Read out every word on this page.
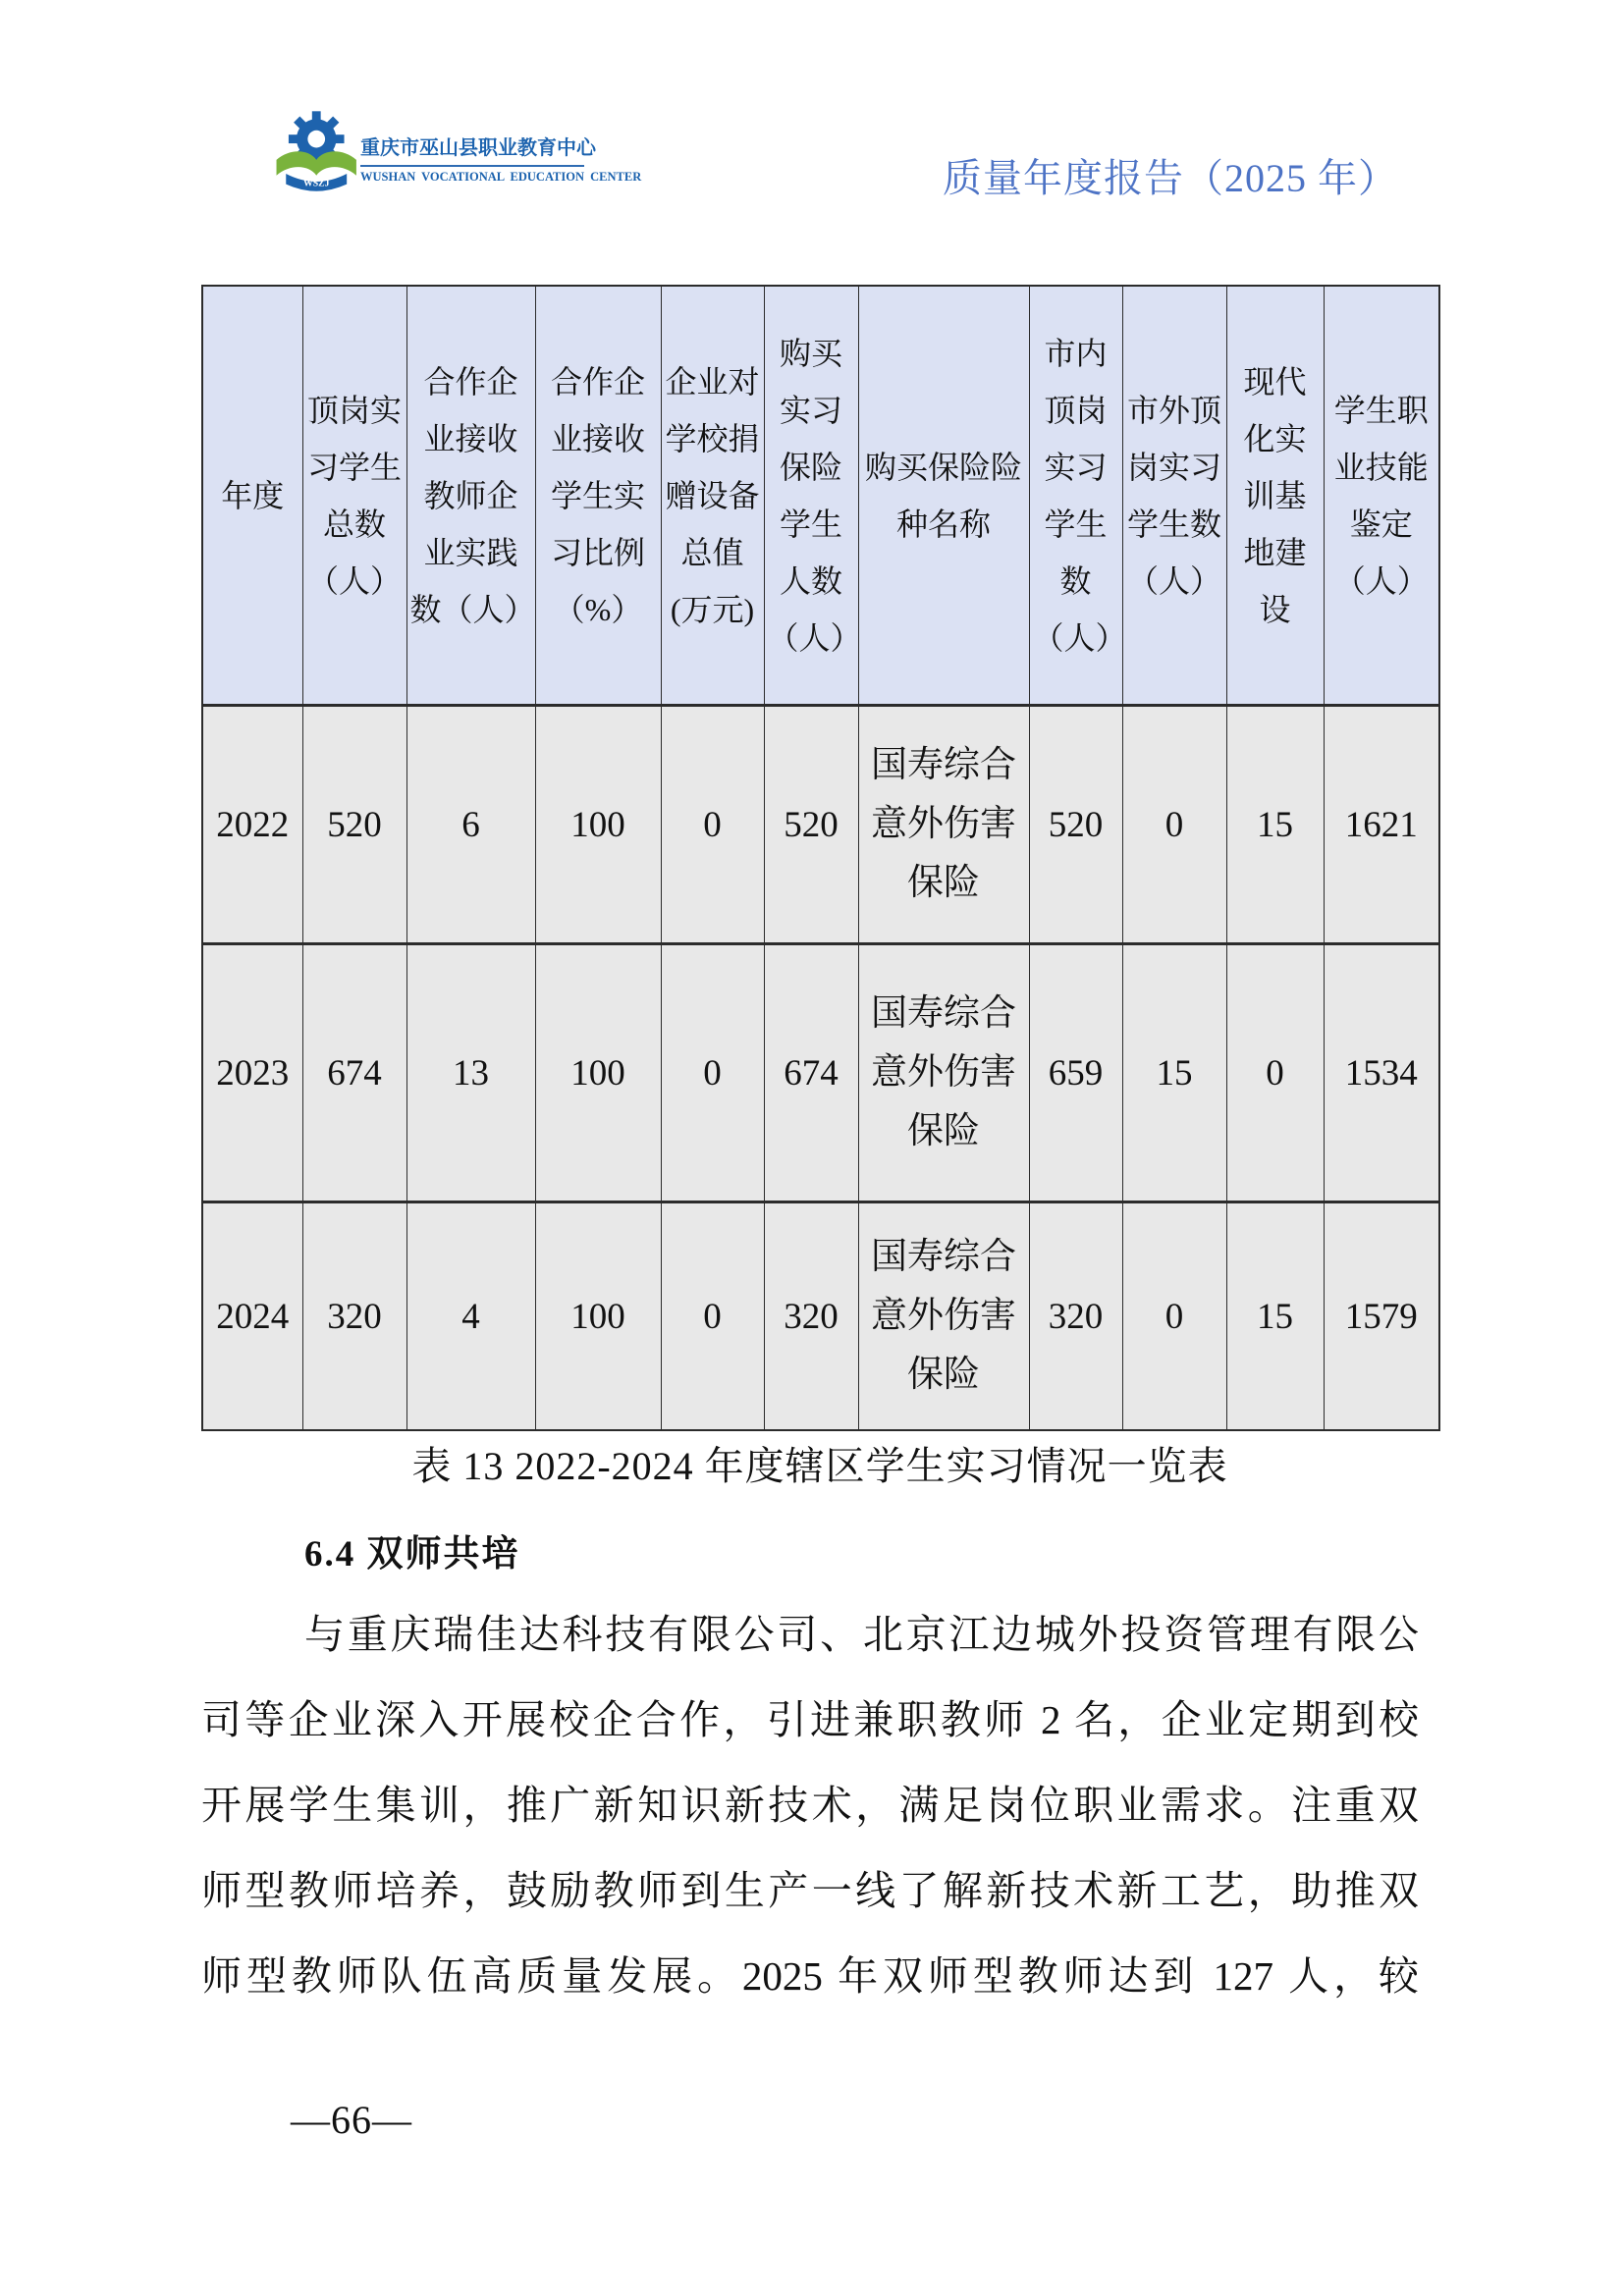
WSZJ
重庆市巫山县职业教育中心
WUSHAN VOCATIONAL EDUCATION CENTER	质量年度报告（2025 年）
年度	顶岗实习学生总数（人）	合作企业接收教师企业实践数（人）	合作企业接收学生实习比例（%）	企业对学校捐赠设备总值(万元)	购买实习保险学生人数（人）	购买保险险种名称	市内顶岗实习学生数（人）	市外顶岗实习学生数（人）	现代化实训基地建设	学生职业技能鉴定（人）
2022	520	6	100	0	520	国寿综合意外伤害保险	520	0	15	1621
2023	674	13	100	0	674	国寿综合意外伤害保险	659	15	0	1534
2024	320	4	100	0	320	国寿综合意外伤害保险	320	0	15	1579
表 13 2022-2024 年度辖区学生实习情况一览表
6.4 双师共培
与重庆瑞佳达科技有限公司、北京江边城外投资管理有限公
司等企业深入开展校企合作，引进兼职教师 2 名，企业定期到校
开展学生集训，推广新知识新技术，满足岗位职业需求。注重双
师型教师培养，鼓励教师到生产一线了解新技术新工艺，助推双
师型教师队伍高质量发展。2025 年双师型教师达到 127 人，较
—66—
